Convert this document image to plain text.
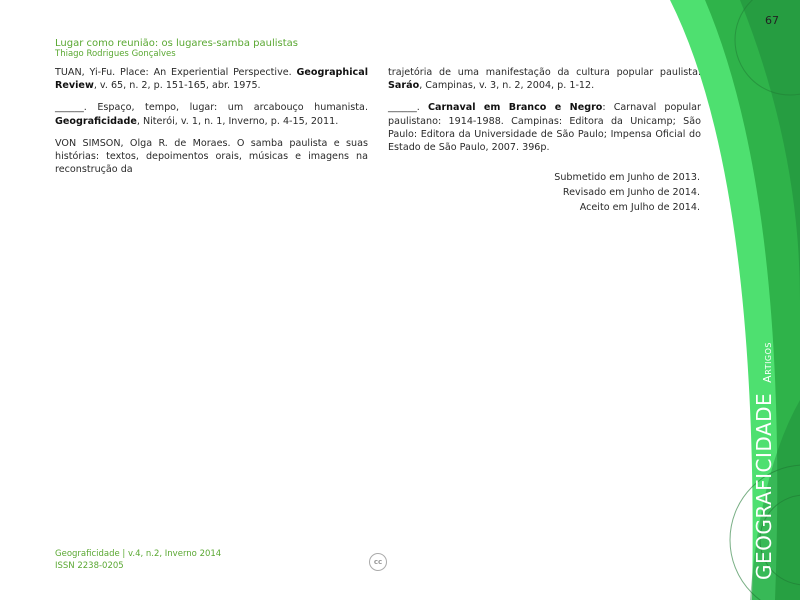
67
Lugar como reunião: os lugares-samba paulistas
Thiago Rodrigues Gonçalves

TUAN, Yi-Fu. Place: An Experiential Perspective. Geographical Review, v. 65, n. 2, p. 151-165, abr. 1975.

______. Espaço, tempo, lugar: um arcabouço humanista. Geograficidade, Niterói, v. 1, n. 1, Inverno, p. 4-15, 2011.

VON SIMSON, Olga R. de Moraes. O samba paulista e suas histórias: textos, depoimentos orais, músicas e imagens na reconstrução da

trajetória de uma manifestação da cultura popular paulista. Saráo, Campinas, v. 3, n. 2, 2004, p. 1-12.

______. Carnaval em Branco e Negro: Carnaval popular paulistano: 1914-1988. Campinas: Editora da Unicamp; São Paulo: Editora da Universidade de São Paulo; Impensa Oficial do Estado de São Paulo, 2007. 396p.

Submetido em Junho de 2013.
Revisado em Junho de 2014.
Aceito em Julho de 2014.
Geograficidade | v.4, n.2, Inverno 2014
ISSN 2238-0205	cc	GEOGRAFICIDADEArtigos
